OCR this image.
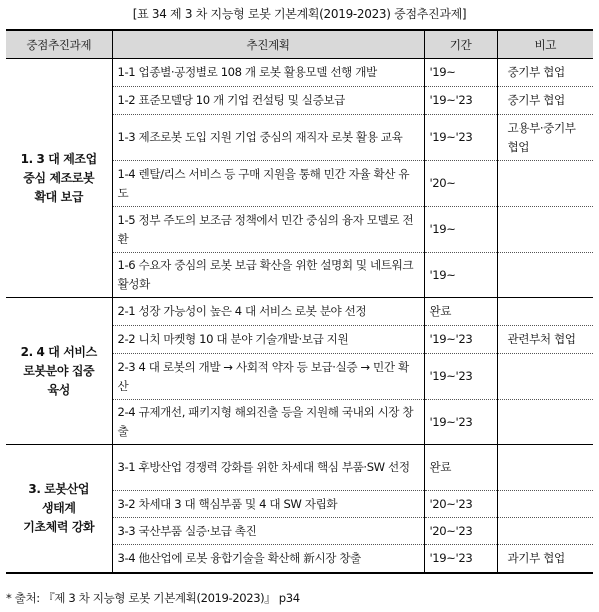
[표 34 제 3 차 지능형 로봇 기본계획(2019-2023) 중점추진과제]
중점추진과제	추진계획	기간	비고

1. 3 대 제조업
중심 제조로봇
확대 보급	1-1 업종별·공정별로 108 개 로봇 활용모델 선행 개발	'19~	중기부 협업
	1-2 표준모델당 10 개 기업 컨설팅 및 실증보급	'19~'23	중기부 협업
	1-3 제조로봇 도입 지원 기업 중심의 재직자 로봇 활용 교육	'19~'23	고용부·중기부 협업
	1-4 렌탈/리스 서비스 등 구매 지원을 통해 민간 자율 확산 유도	'20~	
	1-5 정부 주도의 보조금 정책에서 민간 중심의 융자 모델로 전환	'19~	
	1-6 수요자 중심의 로봇 보급 확산을 위한 설명회 및 네트워크 활성화	'19~	

2. 4 대 서비스
로봇분야 집중
육성	2-1 성장 가능성이 높은 4 대 서비스 로봇 분야 선정	완료	
	2-2 니치 마켓형 10 대 분야 기술개발·보급 지원	'19~'23	관련부처 협업
	2-3 4 대 로봇의 개발 → 사회적 약자 등 보급·실증 → 민간 확산	'19~'23	
	2-4 규제개선, 패키지형 해외진출 등을 지원해 국내외 시장 창출	'19~'23	

3. 로봇산업
생태계
기초체력 강화	3-1 후방산업 경쟁력 강화를 위한 차세대 핵심 부품·SW 선정	완료	
	3-2 차세대 3 대 핵심부품 및 4 대 SW 자립화	'20~'23	
	3-3 국산부품 실증·보급 촉진	'20~'23	
	3-4 他산업에 로봇 융합기술을 확산해 新시장 창출	'19~'23	과기부 협업
* 출처: 『제 3 차 지능형 로봇 기본계획(2019-2023)』 p34
